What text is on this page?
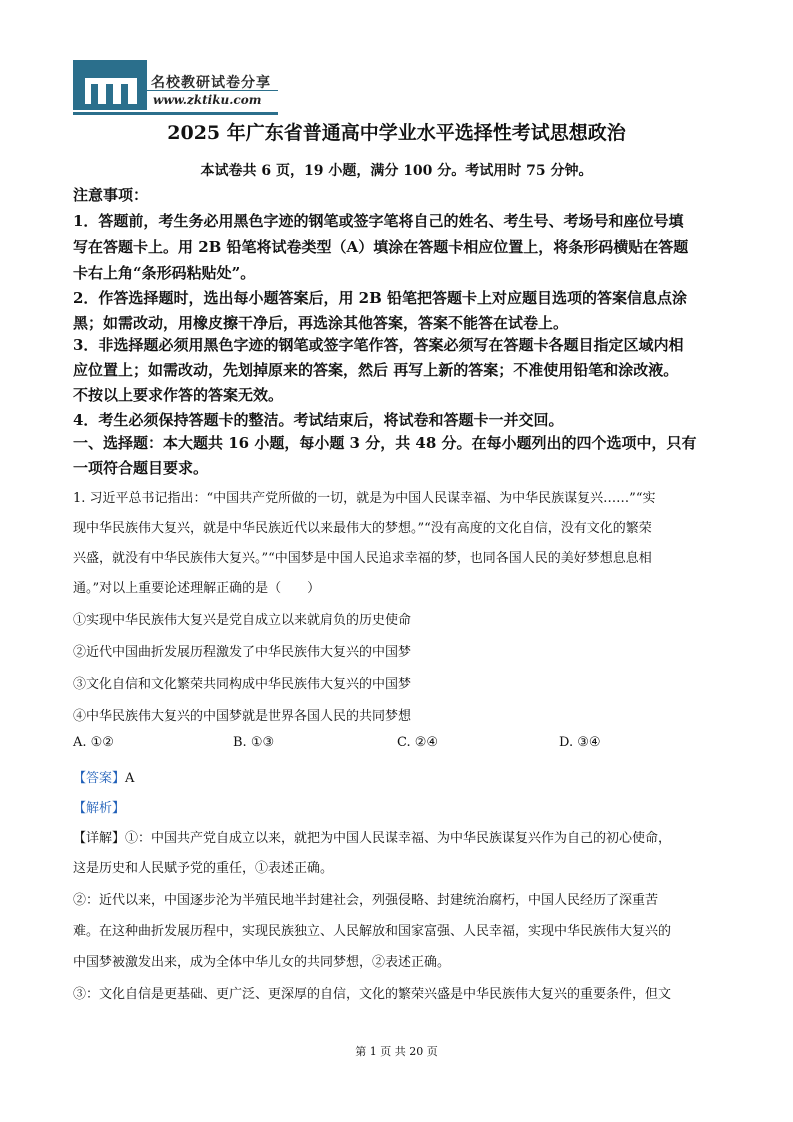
名校教研试卷分享
www.zktiku.com
2025 年广东省普通高中学业水平选择性考试思想政治
本试卷共 6 页，19 小题，满分 100 分。考试用时 75 分钟。
注意事项：
1．答题前，考生务必用黑色字迹的钢笔或签字笔将自己的姓名、考生号、考场号和座位号填
写在答题卡上。用 2B 铅笔将试卷类型（A）填涂在答题卡相应位置上，将条形码横贴在答题
卡右上角“条形码粘贴处”。
2．作答选择题时，选出每小题答案后，用 2B 铅笔把答题卡上对应题目选项的答案信息点涂
黑；如需改动，用橡皮擦干净后，再选涂其他答案，答案不能答在试卷上。
3．非选择题必须用黑色字迹的钢笔或签字笔作答，答案必须写在答题卡各题目指定区域内相
应位置上；如需改动，先划掉原来的答案，然后 再写上新的答案；不准使用铅笔和涂改液。
不按以上要求作答的答案无效。
4．考生必须保持答题卡的整洁。考试结束后，将试卷和答题卡一并交回。
一、选择题：本大题共 16 小题，每小题 3 分，共 48 分。在每小题列出的四个选项中，只有
一项符合题目要求。
1. 习近平总书记指出：“中国共产党所做的一切，就是为中国人民谋幸福、为中华民族谋复兴……”“实
现中华民族伟大复兴，就是中华民族近代以来最伟大的梦想。”“没有高度的文化自信，没有文化的繁荣
兴盛，就没有中华民族伟大复兴。”“中国梦是中国人民追求幸福的梦，也同各国人民的美好梦想息息相
通。”对以上重要论述理解正确的是（　　）
①实现中华民族伟大复兴是党自成立以来就肩负的历史使命
②近代中国曲折发展历程激发了中华民族伟大复兴的中国梦
③文化自信和文化繁荣共同构成中华民族伟大复兴的中国梦
④中华民族伟大复兴的中国梦就是世界各国人民的共同梦想
A. ①②	B. ①③	C. ②④	D. ③④
【答案】A
【解析】
【详解】①：中国共产党自成立以来，就把为中国人民谋幸福、为中华民族谋复兴作为自己的初心使命，
这是历史和人民赋予党的重任，①表述正确。
②：近代以来，中国逐步沦为半殖民地半封建社会，列强侵略、封建统治腐朽，中国人民经历了深重苦
难。在这种曲折发展历程中，实现民族独立、人民解放和国家富强、人民幸福，实现中华民族伟大复兴的
中国梦被激发出来，成为全体中华儿女的共同梦想，②表述正确。
③：文化自信是更基础、更广泛、更深厚的自信，文化的繁荣兴盛是中华民族伟大复兴的重要条件，但文
第 1 页 共 20 页
